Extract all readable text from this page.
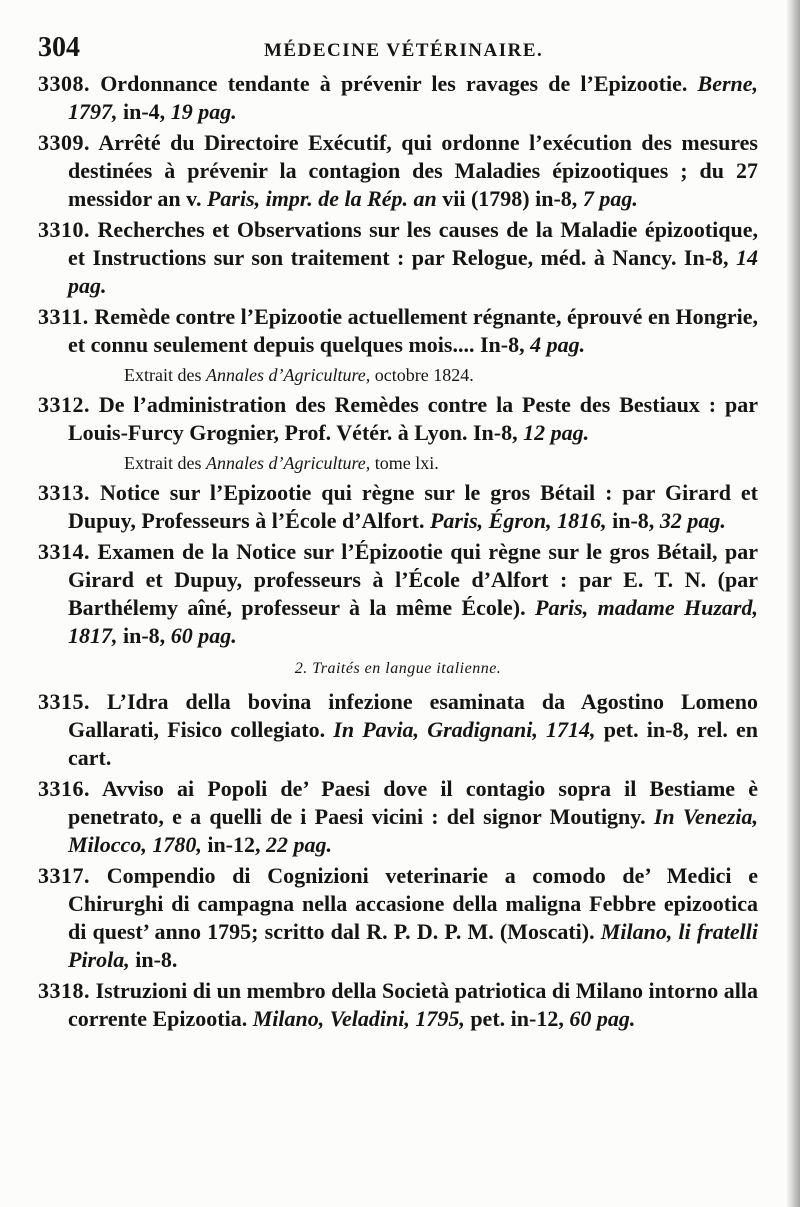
304	MÉDECINE VÉTÉRINAIRE.

3308. Ordonnance tendante à prévenir les ravages de l’Epizootie. Berne, 1797, in-4, 19 pag.

3309. Arrêté du Directoire Exécutif, qui ordonne l’exécution des mesures destinées à prévenir la contagion des Maladies épizootiques ; du 27 messidor an v. Paris, impr. de la Rép. an vii (1798) in-8, 7 pag.

3310. Recherches et Observations sur les causes de la Maladie épizootique, et Instructions sur son traitement : par Relogue, méd. à Nancy. In-8, 14 pag.

3311. Remède contre l’Epizootie actuellement régnante, éprouvé en Hongrie, et connu seulement depuis quelques mois.... In-8, 4 pag.

Extrait des Annales d’Agriculture, octobre 1824.

3312. De l’administration des Remèdes contre la Peste des Bestiaux : par Louis-Furcy Grognier, Prof. Vétér. à Lyon. In-8, 12 pag.

Extrait des Annales d’Agriculture, tome lxi.

3313. Notice sur l’Epizootie qui règne sur le gros Bétail : par Girard et Dupuy, Professeurs à l’École d’Alfort. Paris, Égron, 1816, in-8, 32 pag.

3314. Examen de la Notice sur l’Épizootie qui règne sur le gros Bétail, par Girard et Dupuy, professeurs à l’École d’Alfort : par E. T. N. (par Barthélemy aîné, professeur à la même École). Paris, madame Huzard, 1817, in-8, 60 pag.

2. Traités en langue italienne.

3315. L’Idra della bovina infezione esaminata da Agostino Lomeno Gallarati, Fisico collegiato. In Pavia, Gradignani, 1714, pet. in-8, rel. en cart.

3316. Avviso ai Popoli de’ Paesi dove il contagio sopra il Bestiame è penetrato, e a quelli de i Paesi vicini : del signor Moutigny. In Venezia, Milocco, 1780, in-12, 22 pag.

3317. Compendio di Cognizioni veterinarie a comodo de’ Medici e Chirurghi di campagna nella accasione della maligna Febbre epizootica di quest’ anno 1795; scritto dal R. P. D. P. M. (Moscati). Milano, li fratelli Pirola, in-8.

3318. Istruzioni di un membro della Società patriotica di Milano intorno alla corrente Epizootia. Milano, Veladini, 1795, pet. in-12, 60 pag.
